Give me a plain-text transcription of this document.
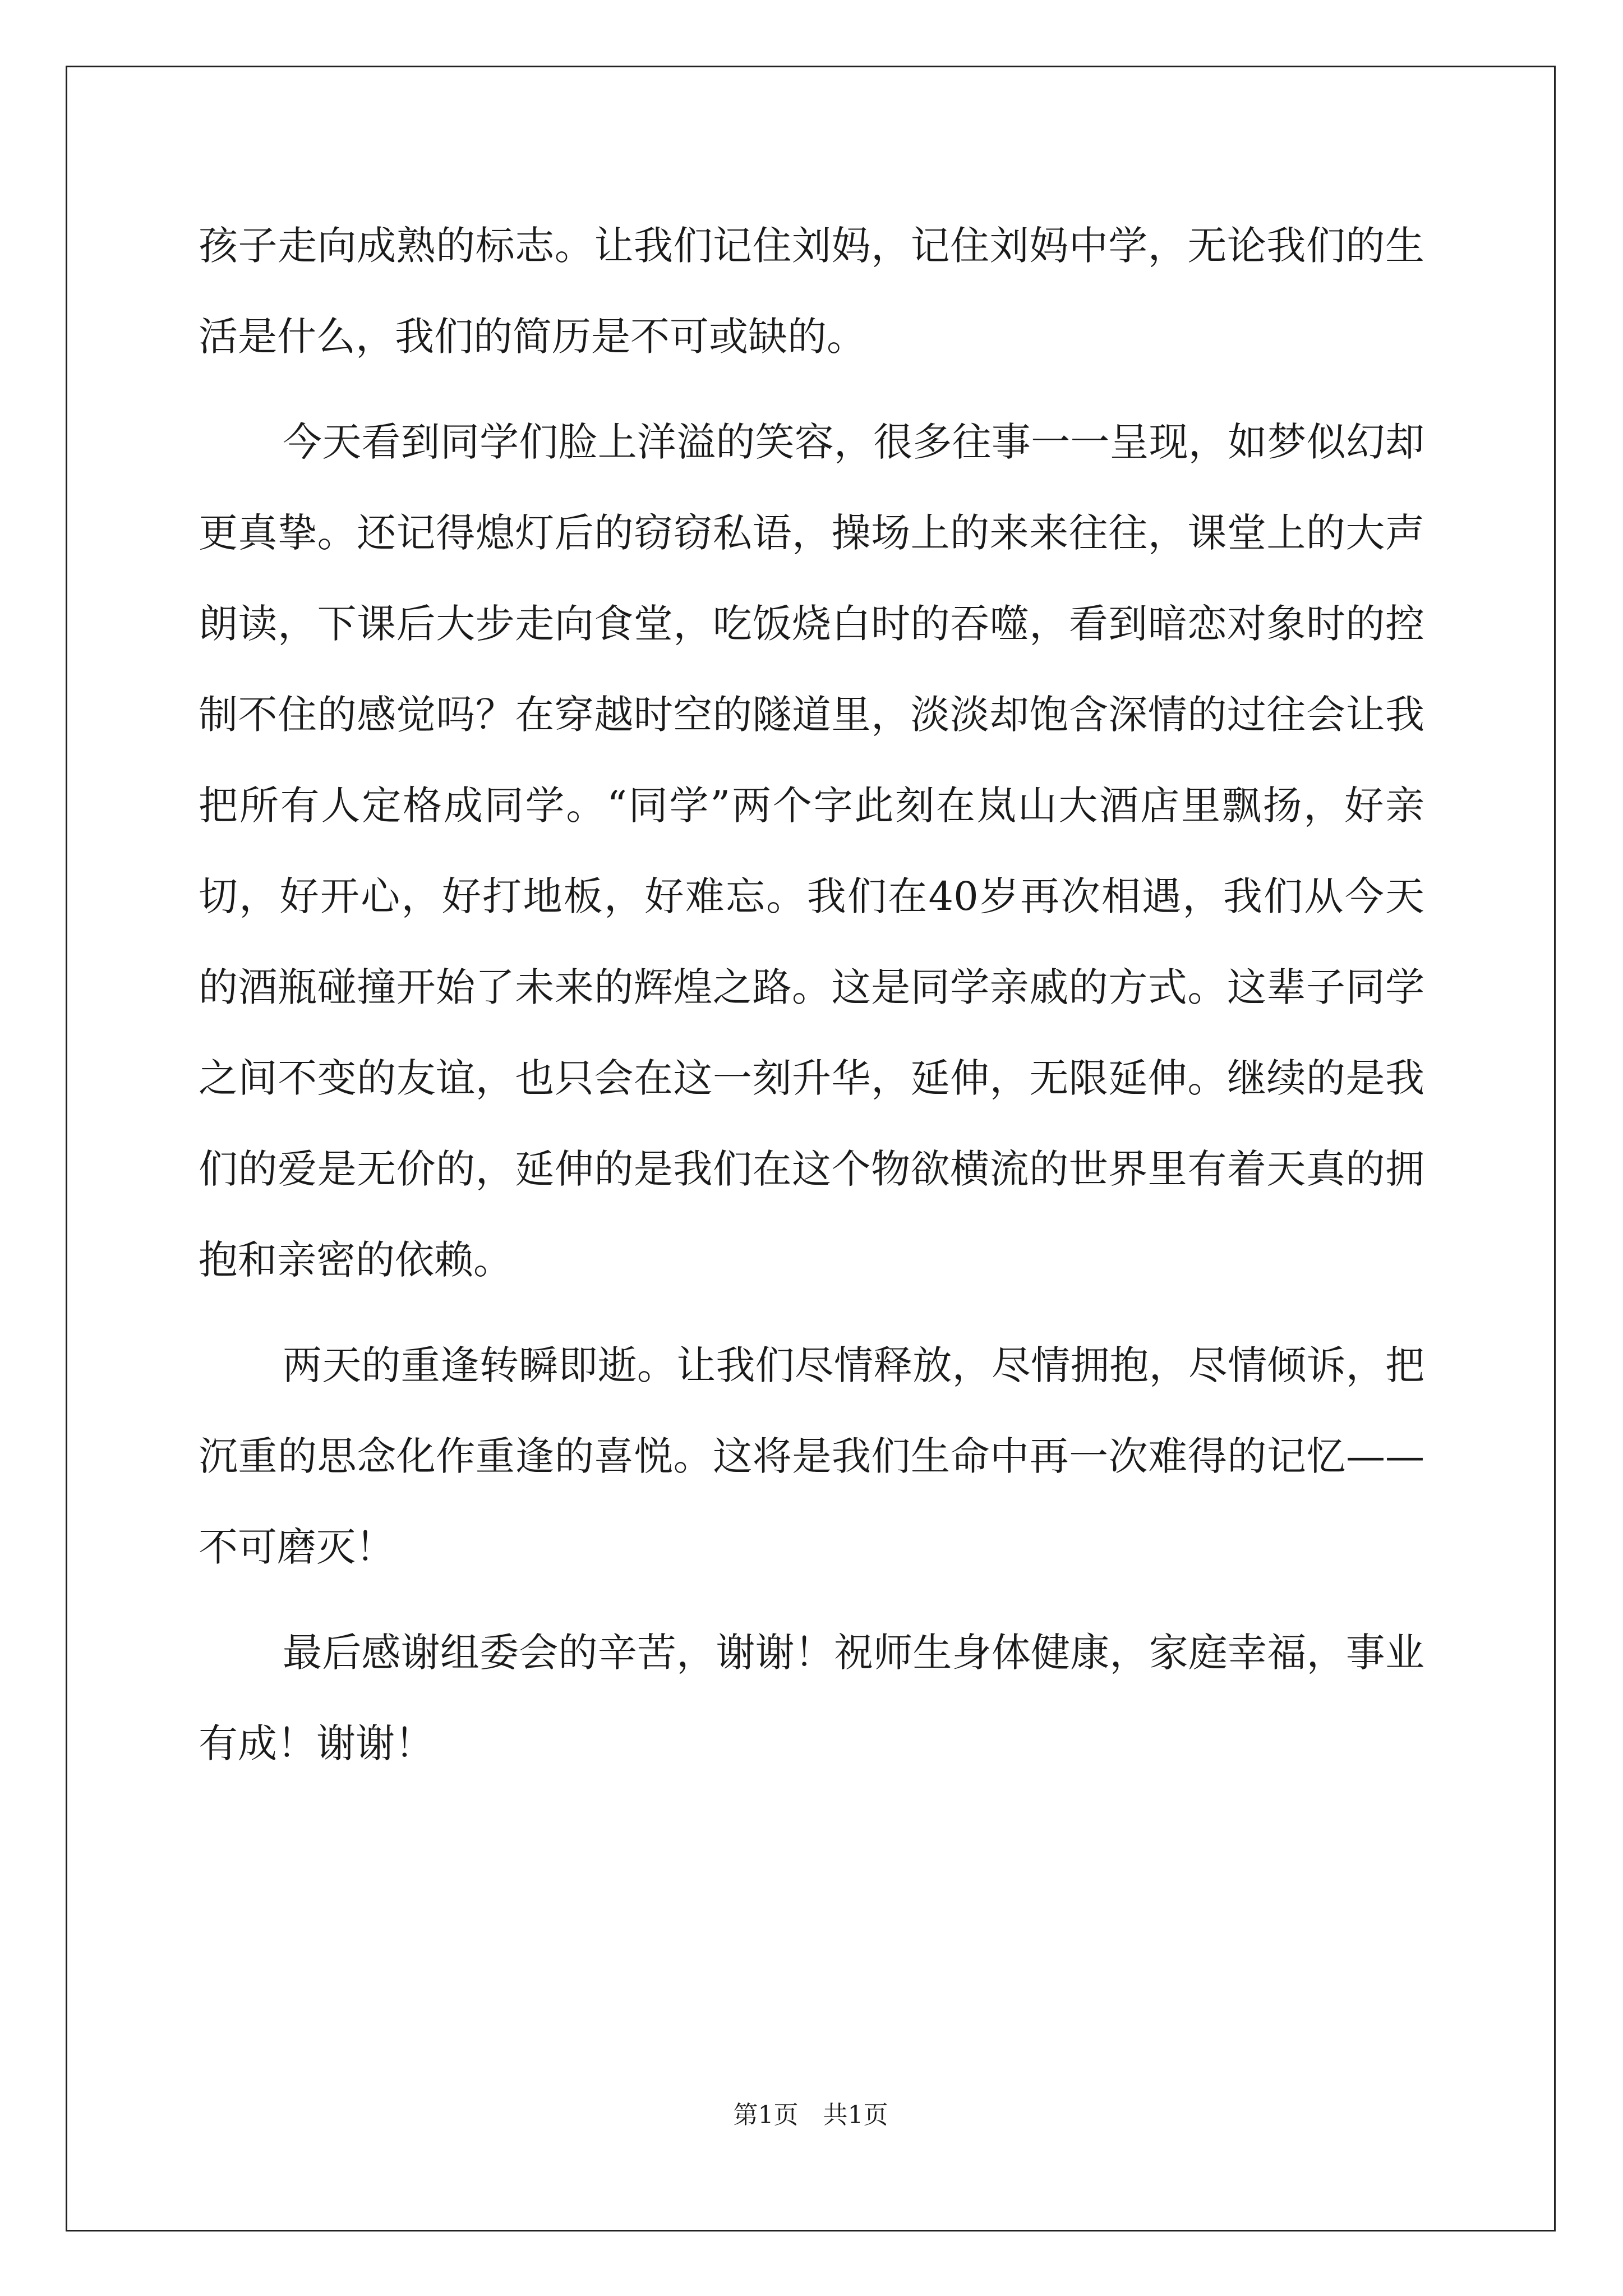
孩子走向成熟的标志。让我们记住刘妈，记住刘妈中学，无论我们的生活是什么，我们的简历是不可或缺的。

今天看到同学们脸上洋溢的笑容，很多往事一一呈现，如梦似幻却更真挚。还记得熄灯后的窃窃私语，操场上的来来往往，课堂上的大声朗读，下课后大步走向食堂，吃饭烧白时的吞噬，看到暗恋对象时的控制不住的感觉吗？在穿越时空的隧道里，淡淡却饱含深情的过往会让我把所有人定格成同学。“同学”两个字此刻在岚山大酒店里飘扬，好亲切，好开心，好打地板，好难忘。我们在40岁再次相遇，我们从今天的酒瓶碰撞开始了未来的辉煌之路。这是同学亲戚的方式。这辈子同学之间不变的友谊，也只会在这一刻升华，延伸，无限延伸。继续的是我们的爱是无价的，延伸的是我们在这个物欲横流的世界里有着天真的拥抱和亲密的依赖。

两天的重逢转瞬即逝。让我们尽情释放，尽情拥抱，尽情倾诉，把沉重的思念化作重逢的喜悦。这将是我们生命中再一次难得的记忆——不可磨灭！

最后感谢组委会的辛苦，谢谢！祝师生身体健康，家庭幸福，事业有成！谢谢！

第1页　共1页
